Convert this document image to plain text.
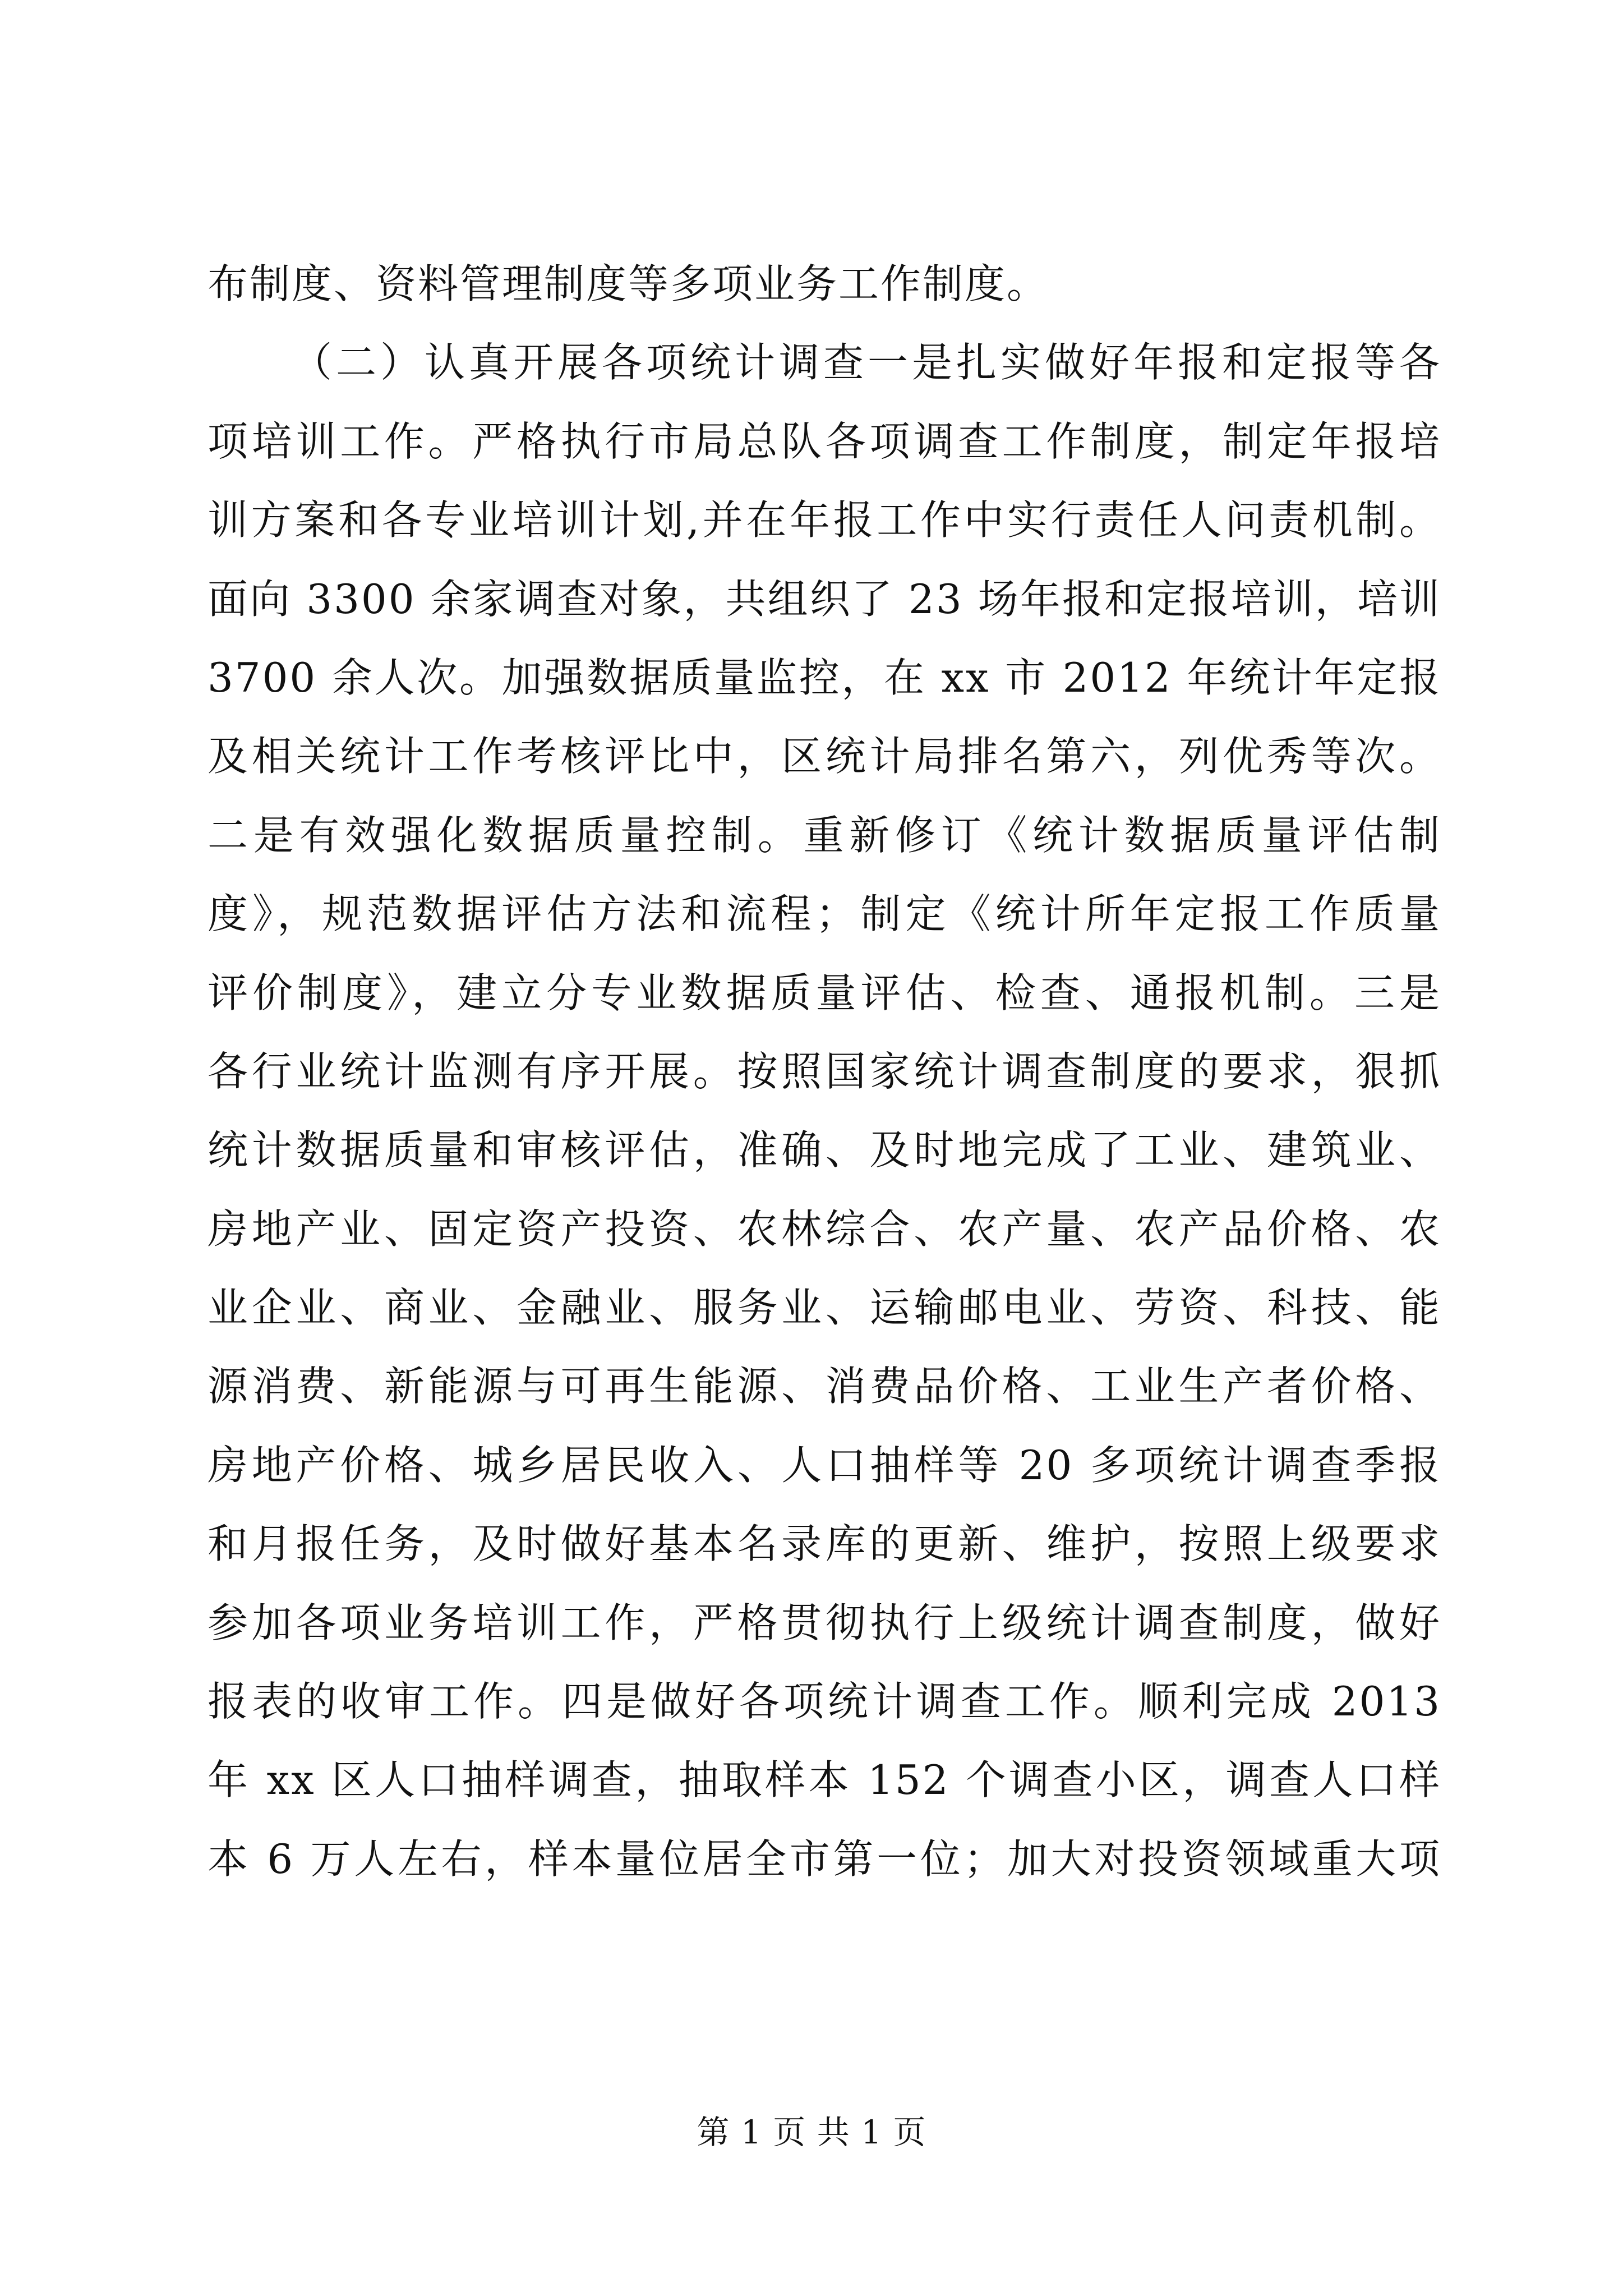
布制度、资料管理制度等多项业务工作制度。
（二）认真开展各项统计调查一是扎实做好年报和定报等各
项培训工作。严格执行市局总队各项调查工作制度，制定年报培
训方案和各专业培训计划,并在年报工作中实行责任人问责机制。
面向 3300 余家调查对象，共组织了 23 场年报和定报培训，培训
3700 余人次。加强数据质量监控，在 xx 市 2012 年统计年定报
及相关统计工作考核评比中，区统计局排名第六，列优秀等次。
二是有效强化数据质量控制。重新修订《统计数据质量评估制
度》，规范数据评估方法和流程；制定《统计所年定报工作质量
评价制度》，建立分专业数据质量评估、检查、通报机制。三是
各行业统计监测有序开展。按照国家统计调查制度的要求，狠抓
统计数据质量和审核评估，准确、及时地完成了工业、建筑业、
房地产业、固定资产投资、农林综合、农产量、农产品价格、农
业企业、商业、金融业、服务业、运输邮电业、劳资、科技、能
源消费、新能源与可再生能源、消费品价格、工业生产者价格、
房地产价格、城乡居民收入、人口抽样等 20 多项统计调查季报
和月报任务，及时做好基本名录库的更新、维护，按照上级要求
参加各项业务培训工作，严格贯彻执行上级统计调查制度，做好
报表的收审工作。四是做好各项统计调查工作。顺利完成 2013
年 xx 区人口抽样调查，抽取样本 152 个调查小区，调查人口样
本 6 万人左右，样本量位居全市第一位；加大对投资领域重大项
第 1 页 共 1 页
